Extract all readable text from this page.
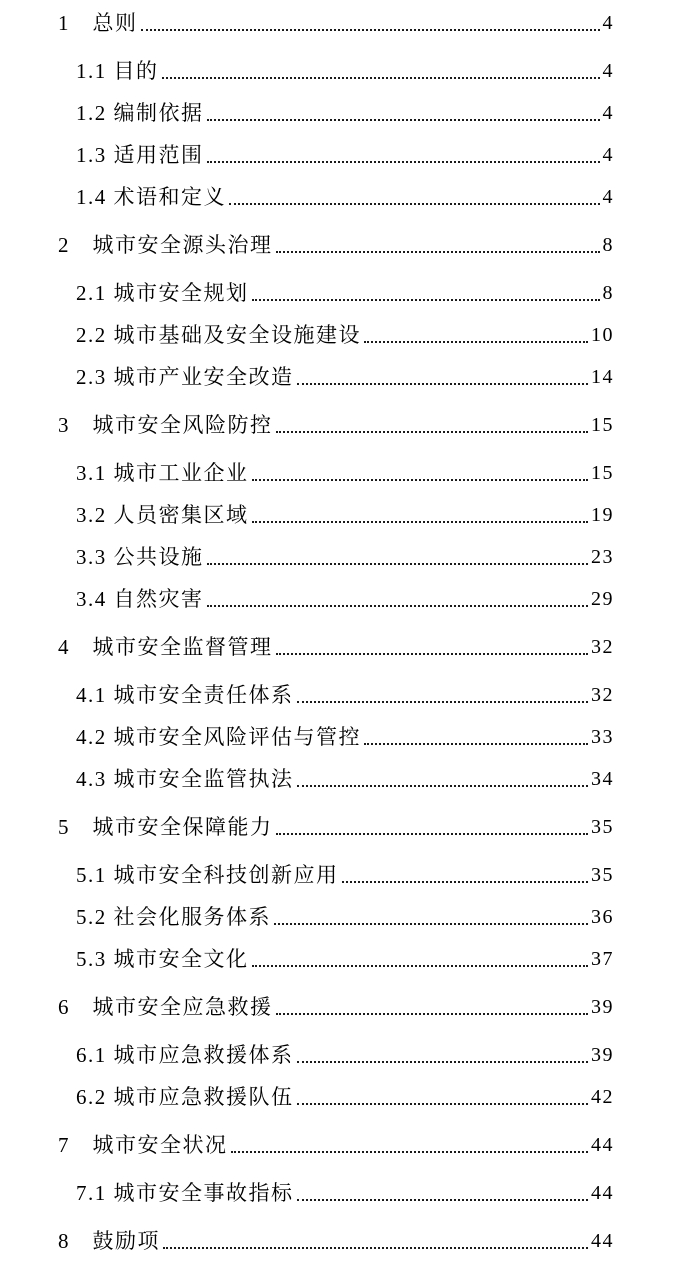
1　总则	4
1.1 目的	4
1.2 编制依据	4
1.3 适用范围	4
1.4 术语和定义	4
2　城市安全源头治理	8
2.1 城市安全规划	8
2.2 城市基础及安全设施建设	10
2.3 城市产业安全改造	14
3　城市安全风险防控	15
3.1 城市工业企业	15
3.2 人员密集区域	19
3.3 公共设施	23
3.4 自然灾害	29
4　城市安全监督管理	32
4.1 城市安全责任体系	32
4.2 城市安全风险评估与管控	33
4.3 城市安全监管执法	34
5　城市安全保障能力	35
5.1 城市安全科技创新应用	35
5.2 社会化服务体系	36
5.3 城市安全文化	37
6　城市安全应急救援	39
6.1 城市应急救援体系	39
6.2 城市应急救援队伍	42
7　城市安全状况	44
7.1 城市安全事故指标	44
8　鼓励项	44
